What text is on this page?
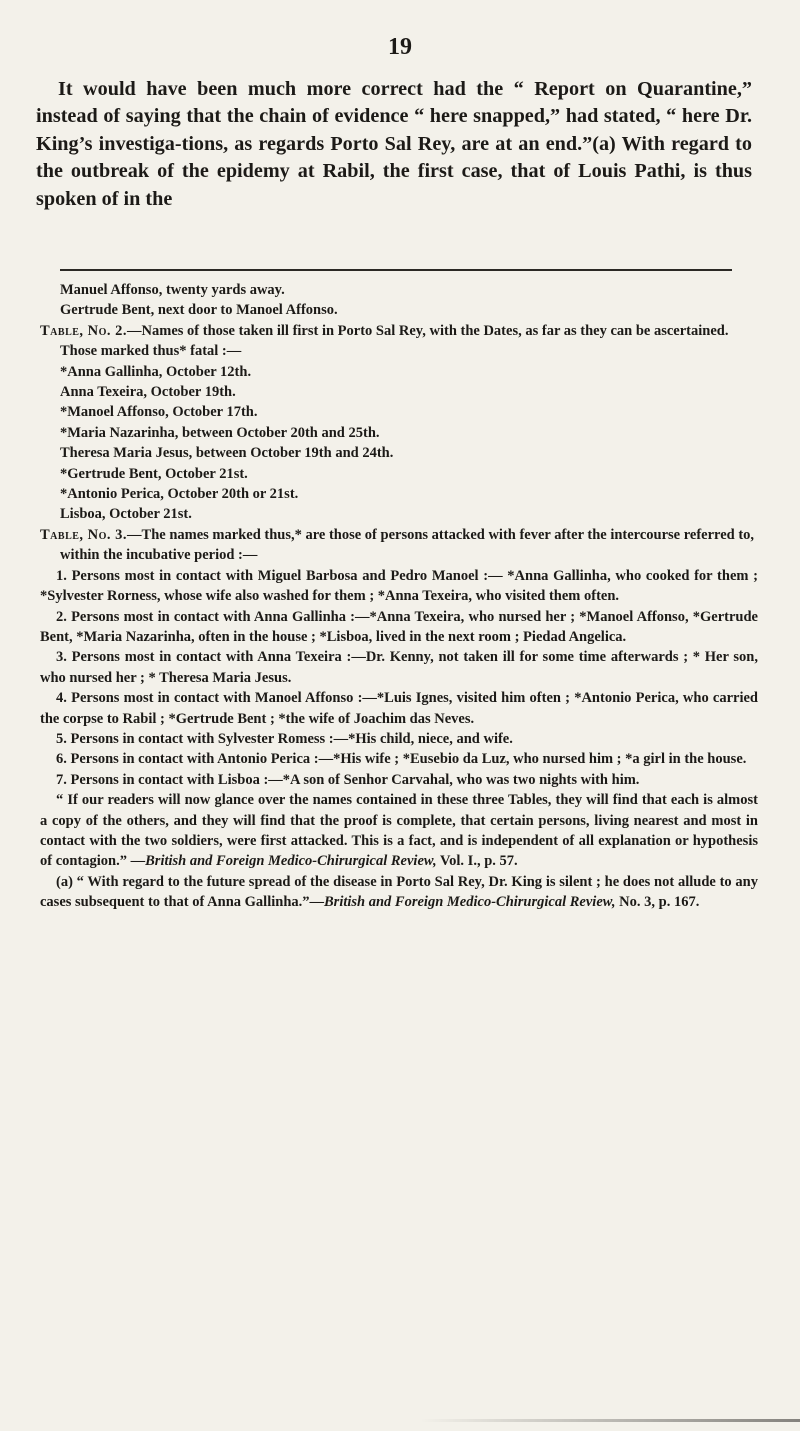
19

It would have been much more correct had the “ Report on Quarantine,” instead of saying that the chain of evidence “ here snapped,” had stated, “ here Dr. King’s investiga-tions, as regards Porto Sal Rey, are at an end.”(a) With regard to the outbreak of the epidemy at Rabil, the first case, that of Louis Pathi, is thus spoken of in the

Manuel Affonso, twenty yards away.

Gertrude Bent, next door to Manoel Affonso.

Table, No. 2.—Names of those taken ill first in Porto Sal Rey, with the Dates, as far as they can be ascertained. Those marked thus* fatal :—

*Anna Gallinha, October 12th.

Anna Texeira, October 19th.

*Manoel Affonso, October 17th.

*Maria Nazarinha, between October 20th and 25th.

Theresa Maria Jesus, between October 19th and 24th.

*Gertrude Bent, October 21st.

*Antonio Perica, October 20th or 21st.

Lisboa, October 21st.

Table, No. 3.—The names marked thus,* are those of persons attacked with fever after the intercourse referred to, within the incubative period :—

1. Persons most in contact with Miguel Barbosa and Pedro Manoel :— *Anna Gallinha, who cooked for them ; *Sylvester Rorness, whose wife also washed for them ; *Anna Texeira, who visited them often.

2. Persons most in contact with Anna Gallinha :—*Anna Texeira, who nursed her ; *Manoel Affonso, *Gertrude Bent, *Maria Nazarinha, often in the house ; *Lisboa, lived in the next room ; Piedad Angelica.

3. Persons most in contact with Anna Texeira :—Dr. Kenny, not taken ill for some time afterwards ; * Her son, who nursed her ; * Theresa Maria Jesus.

4. Persons most in contact with Manoel Affonso :—*Luis Ignes, visited him often ; *Antonio Perica, who carried the corpse to Rabil ; *Gertrude Bent ; *the wife of Joachim das Neves.

5. Persons in contact with Sylvester Romess :—*His child, niece, and wife.

6. Persons in contact with Antonio Perica :—*His wife ; *Eusebio da Luz, who nursed him ; *a girl in the house.

7. Persons in contact with Lisboa :—*A son of Senhor Carvahal, who was two nights with him.

“ If our readers will now glance over the names contained in these three Tables, they will find that each is almost a copy of the others, and they will find that the proof is complete, that certain persons, living nearest and most in contact with the two soldiers, were first attacked. This is a fact, and is independent of all explanation or hypothesis of contagion.” —British and Foreign Medico-Chirurgical Review, Vol. I., p. 57.

(a) “ With regard to the future spread of the disease in Porto Sal Rey, Dr. King is silent ; he does not allude to any cases subsequent to that of Anna Gallinha.”—British and Foreign Medico-Chirurgical Review, No. 3, p. 167.
